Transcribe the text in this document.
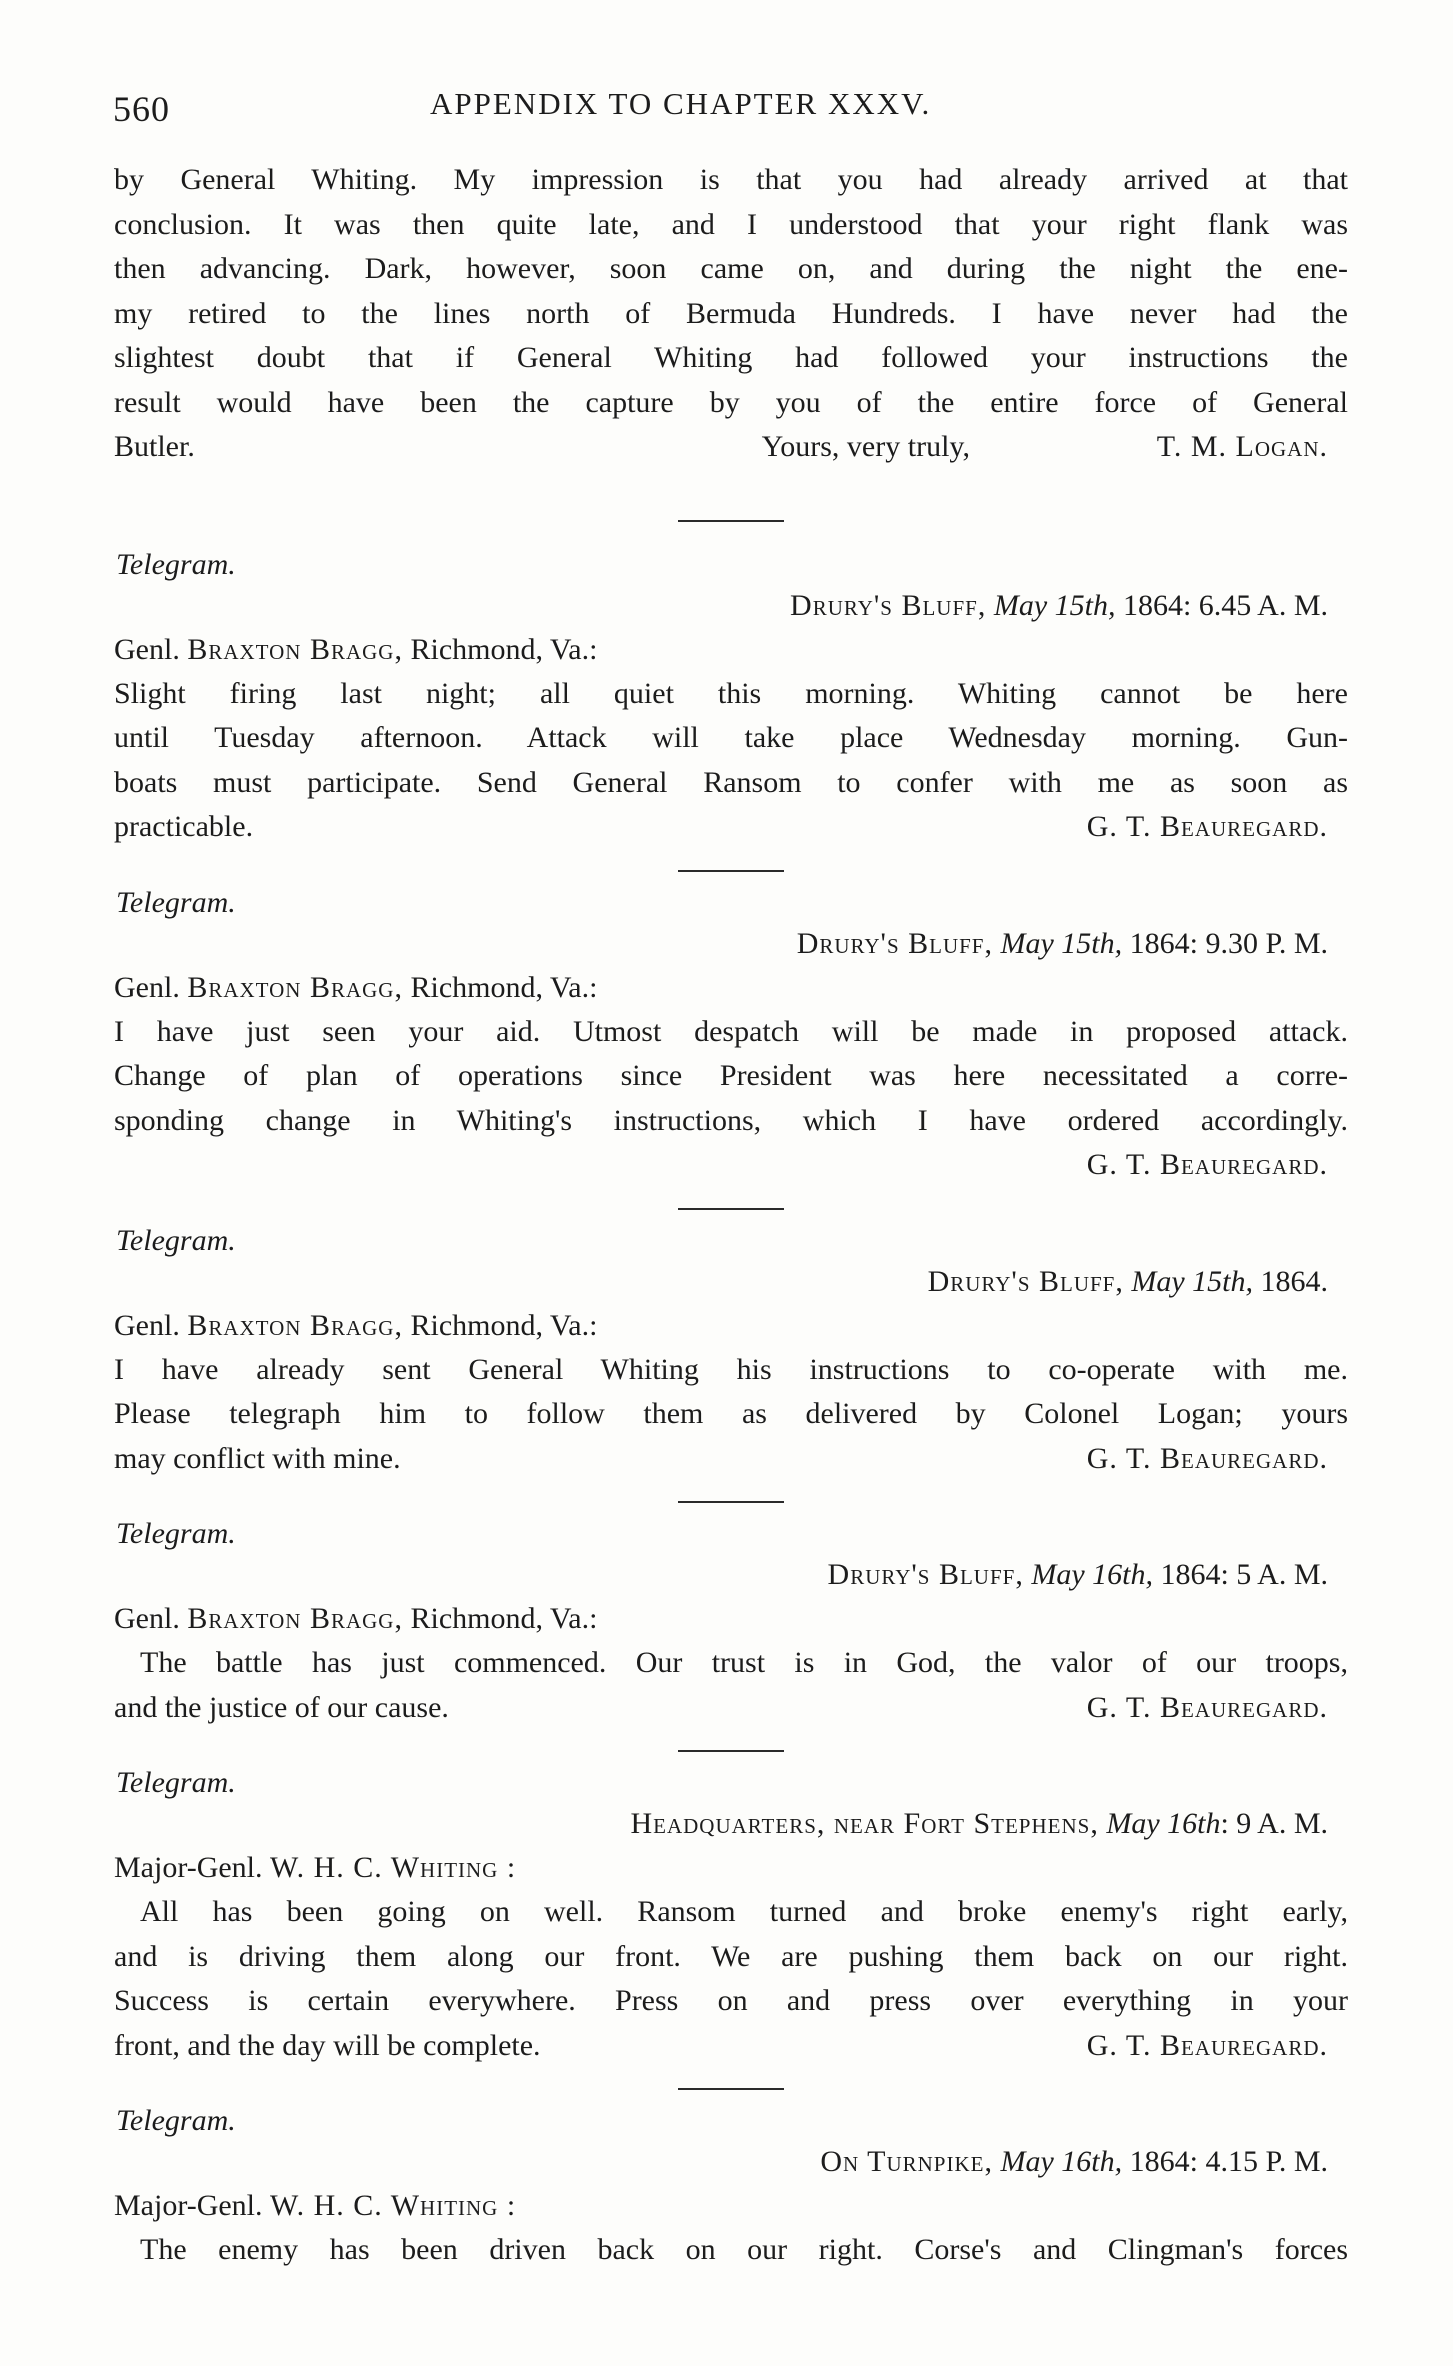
560	APPENDIX TO CHAPTER XXXV.
by General Whiting. My impression is that you had already arrived at that
conclusion. It was then quite late, and I understood that your right flank was
then advancing. Dark, however, soon came on, and during the night the ene-
my retired to the lines north of Bermuda Hundreds. I have never had the
slightest doubt that if General Whiting had followed your instructions the
result would have been the capture by you of the entire force of General
Butler.	Yours, very truly,	T. M. Logan.
Telegram.
Drury's Bluff, May 15th, 1864: 6.45 A. M.
Genl. Braxton Bragg, Richmond, Va.:
Slight firing last night; all quiet this morning. Whiting cannot be here
until Tuesday afternoon. Attack will take place Wednesday morning. Gun-
boats must participate. Send General Ransom to confer with me as soon as
practicable.	G. T. Beauregard.
Telegram.
Drury's Bluff, May 15th, 1864: 9.30 P. M.
Genl. Braxton Bragg, Richmond, Va.:
I have just seen your aid. Utmost despatch will be made in proposed attack.
Change of plan of operations since President was here necessitated a corre-
sponding change in Whiting's instructions, which I have ordered accordingly.
G. T. Beauregard.
Telegram.
Drury's Bluff, May 15th, 1864.
Genl. Braxton Bragg, Richmond, Va.:
I have already sent General Whiting his instructions to co-operate with me.
Please telegraph him to follow them as delivered by Colonel Logan; yours
may conflict with mine.	G. T. Beauregard.
Telegram.
Drury's Bluff, May 16th, 1864: 5 A. M.
Genl. Braxton Bragg, Richmond, Va.:
The battle has just commenced. Our trust is in God, the valor of our troops,
and the justice of our cause.	G. T. Beauregard.
Telegram.
Headquarters, near Fort Stephens, May 16th: 9 A. M.
Major-Genl. W. H. C. Whiting :
All has been going on well. Ransom turned and broke enemy's right early,
and is driving them along our front. We are pushing them back on our right.
Success is certain everywhere. Press on and press over everything in your
front, and the day will be complete.	G. T. Beauregard.
Telegram.
On Turnpike, May 16th, 1864: 4.15 P. M.
Major-Genl. W. H. C. Whiting :
The enemy has been driven back on our right. Corse's and Clingman's forces
